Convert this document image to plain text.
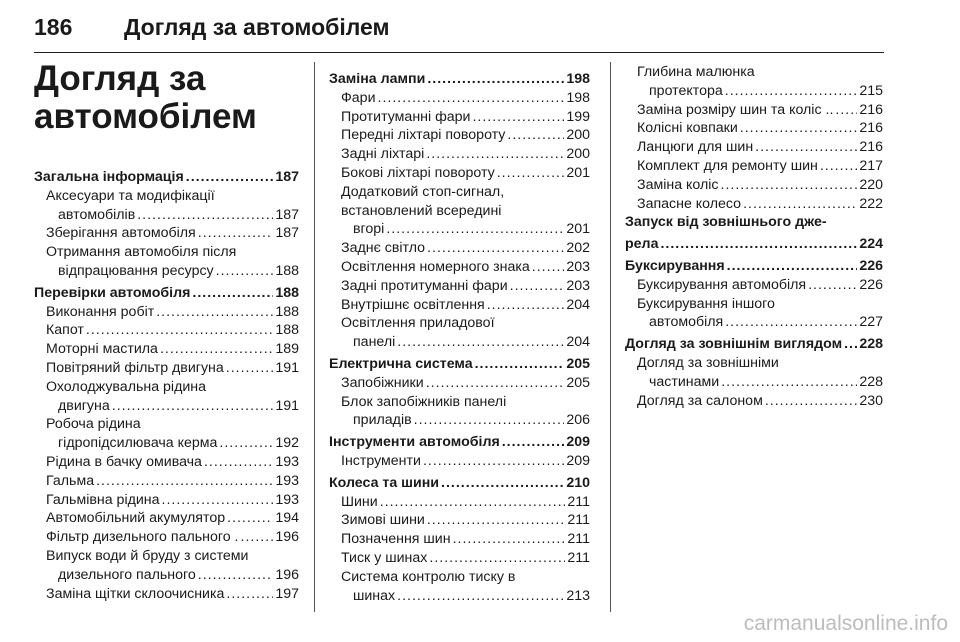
186 Догляд за автомобілем
Догляд за
автомобілем
Загальна інформація .....	187
Аксесуари та модифікації
автомобілів .....	187
Зберігання автомобіля .....	187
Отримання автомобіля після
відпрацювання ресурсу .....	188
Перевірки автомобіля .....	188
Виконання робіт .....	188
Капот .....	188
Моторні мастила .....	189
Повітряний фільтр двигуна .....	191
Охолоджувальна рідина
двигуна .....	191
Робоча рідина
гідропідсилювача керма .....	192
Рідина в бачку омивача .....	193
Гальма .....	193
Гальмівна рідина .....	193
Автомобільний акумулятор .....	194
Фільтр дизельного пального . .....	196
Випуск води й бруду з системи
дизельного пального .....	196
Заміна щітки склоочисника .....	197
Заміна лампи .....	198
Фари .....	198
Протитуманні фари .....	199
Передні ліхтарі повороту .....	200
Задні ліхтарі .....	200
Бокові ліхтарі повороту .....	201
Додатковий стоп-сигнал,
встановлений всередині
вгорі .....	201
Заднє світло .....	202
Освітлення номерного знака .....	203
Задні протитуманні фари .....	203
Внутрішнє освітлення .....	204
Освітлення приладової
панелі .....	204
Електрична система .....	205
Запобіжники .....	205
Блок запобіжників панелі
приладів .....	206
Інструменти автомобіля .....	209
Інструменти .....	209
Колеса та шини .....	210
Шини .....	211
Зимові шини .....	211
Позначення шин .....	211
Тиск у шинах .....	211
Система контролю тиску в
шинах .....	213
Глибина малюнка
протектора .....	215
Заміна розміру шин та коліс .. ..... 216
Колісні ковпаки .....	216
Ланцюги для шин .....	216
Комплект для ремонту шин .....	217
Заміна коліс .....	220
Запасне колесо .....	222
Запуск від зовнішнього дже-
рела .....	224
Буксирування .....	226
Буксирування автомобіля .....	226
Буксирування іншого
автомобіля .....	227
Догляд за зовнішнім виглядом ..... 228
Догляд за зовнішніми
частинами .....	228
Догляд за салоном .....	230
carmanualsonline.info
